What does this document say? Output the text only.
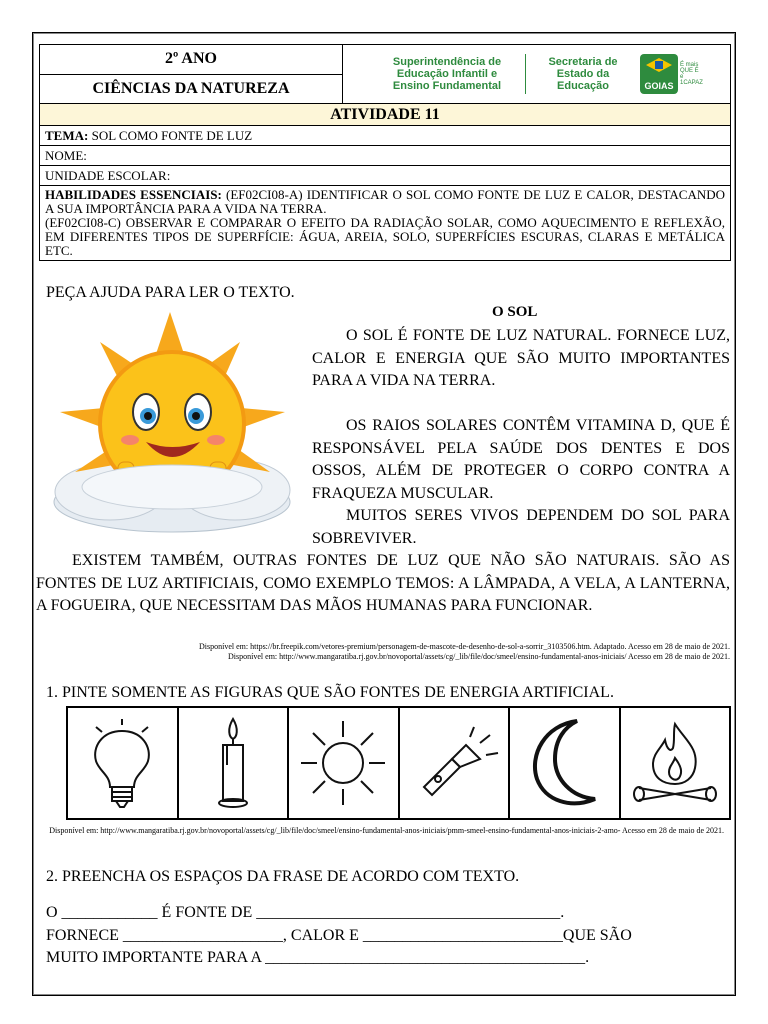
2º ANO
CIÊNCIAS DA NATUREZA
Superintendência de Educação Infantil e Ensino Fundamental
Secretaria de Estado da Educação	GOIAS
É mais QUE É e 1CAPAZ
ATIVIDADE 11
TEMA: SOL COMO FONTE DE LUZ
NOME:
UNIDADE ESCOLAR:
HABILIDADES ESSENCIAIS: (EF02CI08-A) IDENTIFICAR O SOL COMO FONTE DE LUZ E CALOR, DESTACANDO A SUA IMPORTÂNCIA PARA A VIDA NA TERRA.
(EF02CI08-C) OBSERVAR E COMPARAR O EFEITO DA RADIAÇÃO SOLAR, COMO AQUECIMENTO E REFLEXÃO, EM DIFERENTES TIPOS DE SUPERFÍCIE: ÁGUA, AREIA, SOLO, SUPERFÍCIES ESCURAS, CLARAS E METÁLICA ETC.
PEÇA AJUDA PARA LER O TEXTO.
O SOL
O SOL É FONTE DE LUZ NATURAL. FORNECE LUZ, CALOR E ENERGIA QUE SÃO MUITO IMPORTANTES PARA A VIDA NA TERRA.
OS RAIOS SOLARES CONTÊM VITAMINA D, QUE É RESPONSÁVEL PELA SAÚDE DOS DENTES E DOS OSSOS, ALÉM DE PROTEGER O CORPO CONTRA A FRAQUEZA MUSCULAR.
MUITOS SERES VIVOS DEPENDEM DO SOL PARA SOBREVIVER.
EXISTEM TAMBÉM, OUTRAS FONTES DE LUZ QUE NÃO SÃO NATURAIS. SÃO AS FONTES DE LUZ ARTIFICIAIS, COMO EXEMPLO TEMOS: A LÂMPADA, A VELA, A LANTERNA, A FOGUEIRA, QUE NECESSITAM DAS MÃOS HUMANAS PARA FUNCIONAR.
Disponível em: https://br.freepik.com/vetores-premium/personagem-de-mascote-de-desenho-de-sol-a-sorrir_3103506.htm. Adaptado. Acesso em 28 de maio de 2021.
Disponível em: http://www.mangaratiba.rj.gov.br/novoportal/assets/cg/_lib/file/doc/smeel/ensino-fundamental-anos-iniciais/ Acesso em 28 de maio de 2021.
1. PINTE SOMENTE AS FIGURAS QUE SÃO FONTES DE ENERGIA ARTIFICIAL.
Disponível em: http://www.mangaratiba.rj.gov.br/novoportal/assets/cg/_lib/file/doc/smeel/ensino-fundamental-anos-iniciais/pmm-smeel-ensino-fundamental-anos-iniciais-2-amo- Acesso em 28 de maio de 2021.
2. PREENCHA OS ESPAÇOS DA FRASE DE ACORDO COM TEXTO.
O ____________ É FONTE DE ______________________________________.
FORNECE ____________________, CALOR E _________________________QUE SÃO
MUITO IMPORTANTE PARA A ________________________________________.
